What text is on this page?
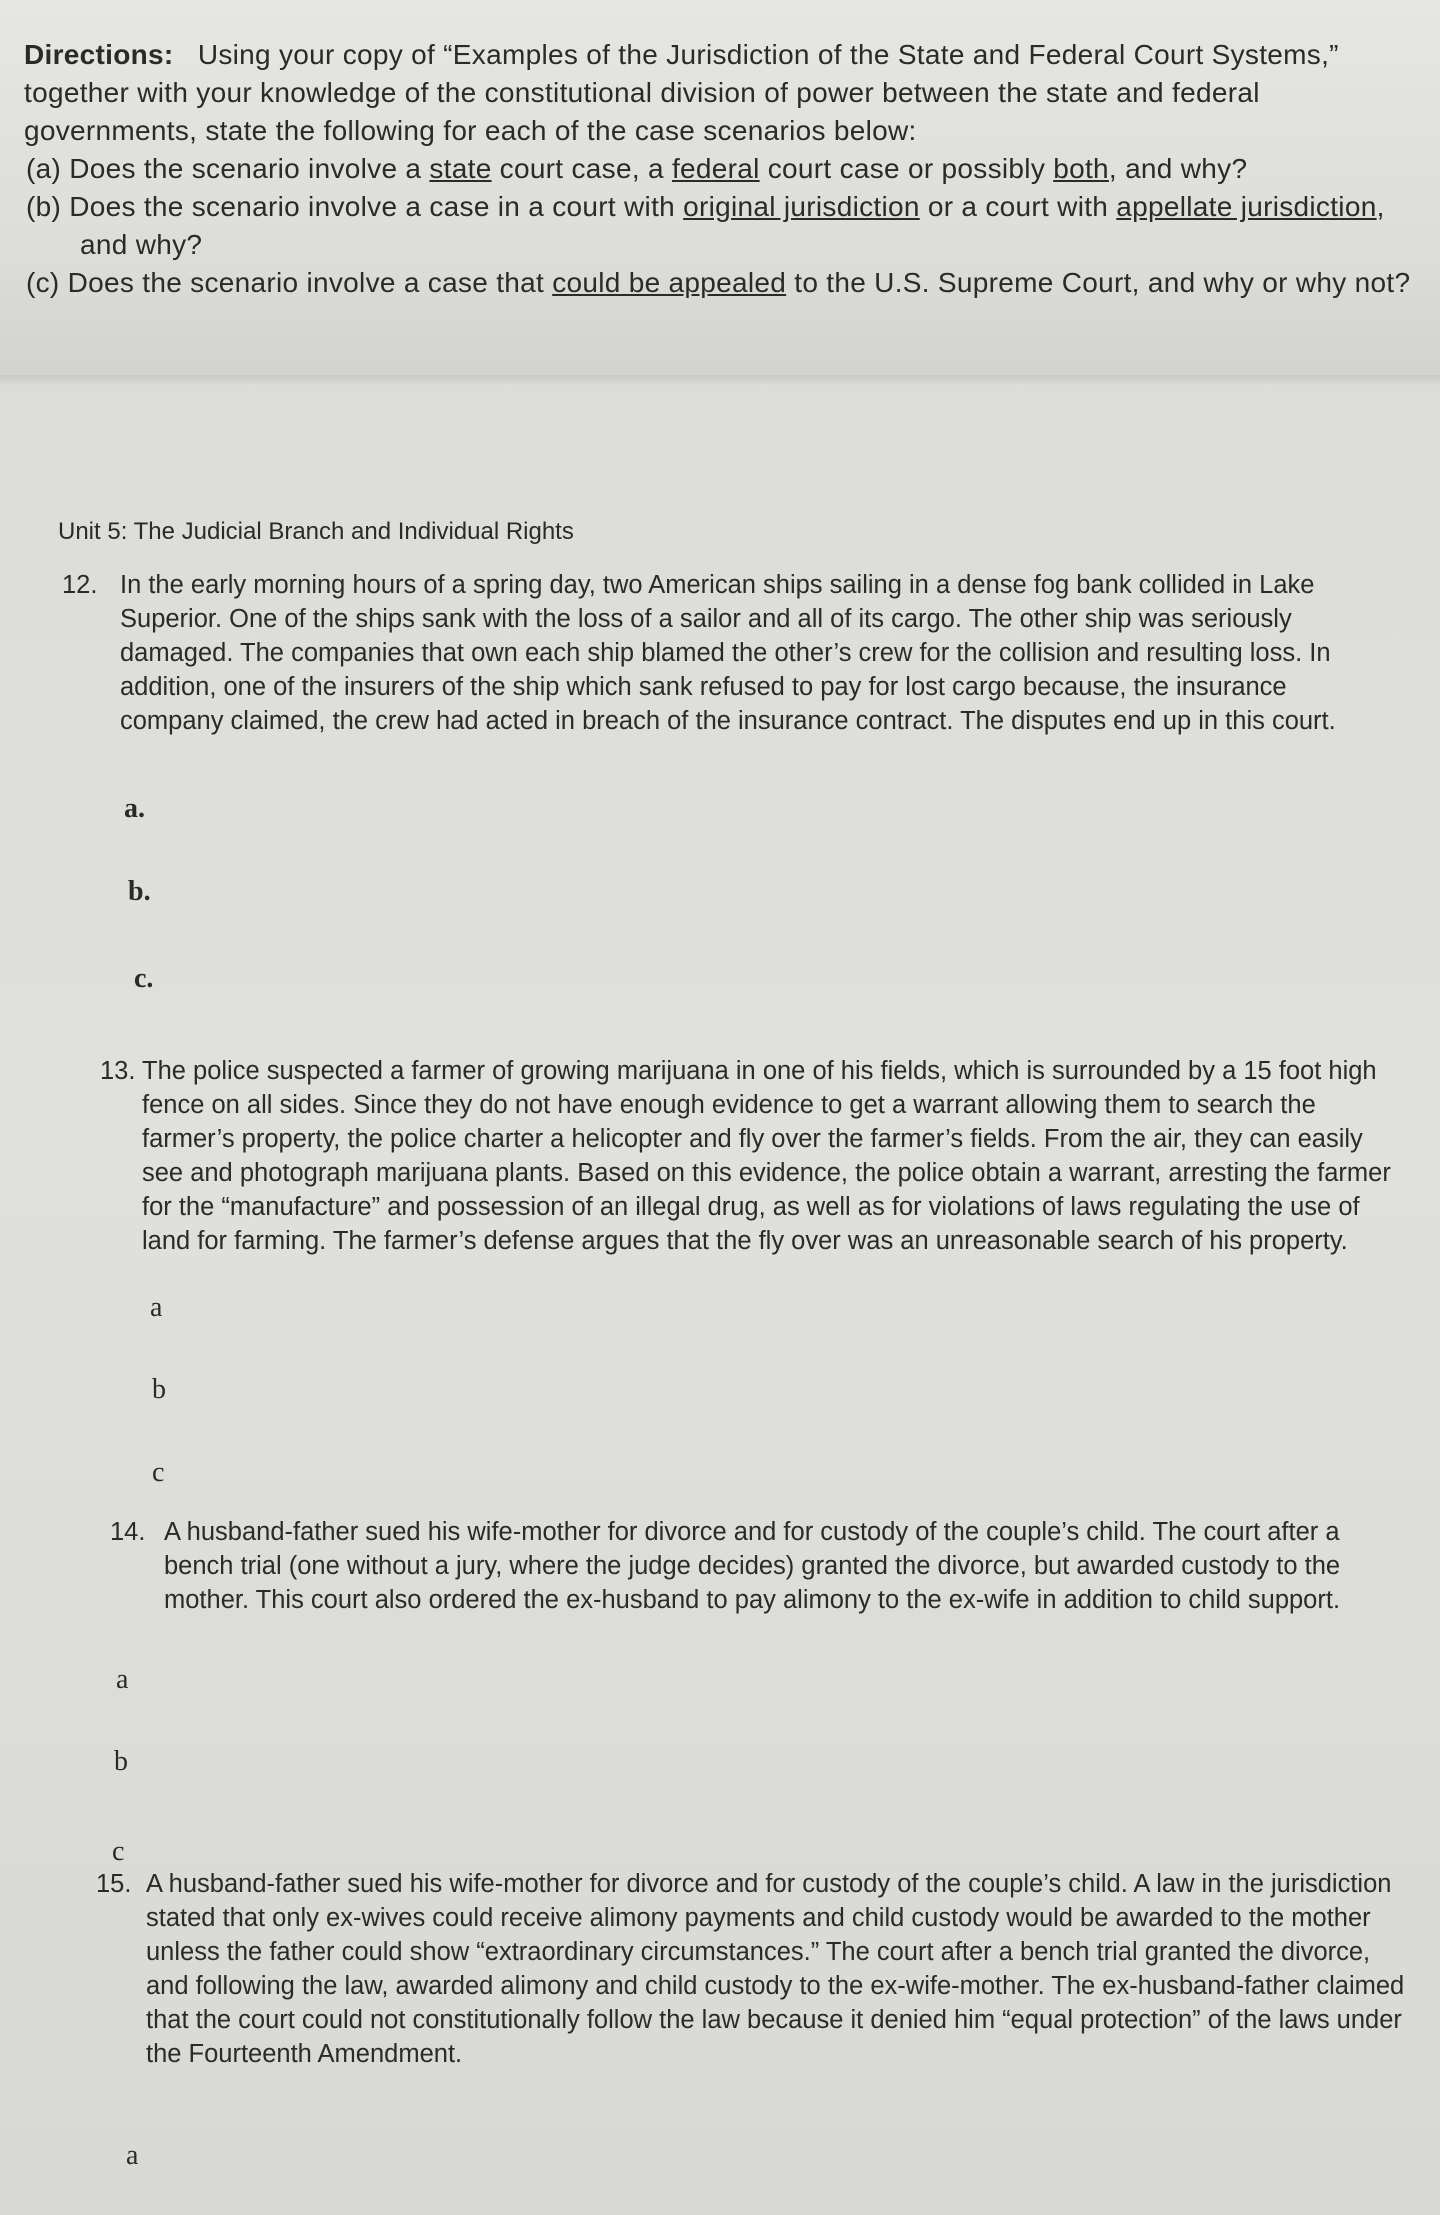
Directions: Using your copy of “Examples of the Jurisdiction of the State and Federal Court Systems,” together with your knowledge of the constitutional division of power between the state and federal governments, state the following for each of the case scenarios below:

(a) Does the scenario involve a state court case, a federal court case or possibly both, and why?

(b) Does the scenario involve a case in a court with original jurisdiction or a court with appellate jurisdiction, and why?

(c) Does the scenario involve a case that could be appealed to the U.S. Supreme Court, and why or why not?

Unit 5: The Judicial Branch and Individual Rights
12. In the early morning hours of a spring day, two American ships sailing in a dense fog bank collided in Lake Superior. One of the ships sank with the loss of a sailor and all of its cargo. The other ship was seriously damaged. The companies that own each ship blamed the other’s crew for the collision and resulting loss. In addition, one of the insurers of the ship which sank refused to pay for lost cargo because, the insurance company claimed, the crew had acted in breach of the insurance contract. The disputes end up in this court.
a.
b.
c.
13. The police suspected a farmer of growing marijuana in one of his fields, which is surrounded by a 15 foot high fence on all sides. Since they do not have enough evidence to get a warrant allowing them to search the farmer’s property, the police charter a helicopter and fly over the farmer’s fields. From the air, they can easily see and photograph marijuana plants. Based on this evidence, the police obtain a warrant, arresting the farmer for the “manufacture” and possession of an illegal drug, as well as for violations of laws regulating the use of land for farming. The farmer’s defense argues that the fly over was an unreasonable search of his property.
a
b
c
14. A husband-father sued his wife-mother for divorce and for custody of the couple’s child. The court after a bench trial (one without a jury, where the judge decides) granted the divorce, but awarded custody to the mother. This court also ordered the ex-husband to pay alimony to the ex-wife in addition to child support.
a
b
c
15. A husband-father sued his wife-mother for divorce and for custody of the couple’s child. A law in the jurisdiction stated that only ex-wives could receive alimony payments and child custody would be awarded to the mother unless the father could show “extraordinary circumstances.” The court after a bench trial granted the divorce, and following the law, awarded alimony and child custody to the ex-wife-mother. The ex-husband-father claimed that the court could not constitutionally follow the law because it denied him “equal protection” of the laws under the Fourteenth Amendment.
a
